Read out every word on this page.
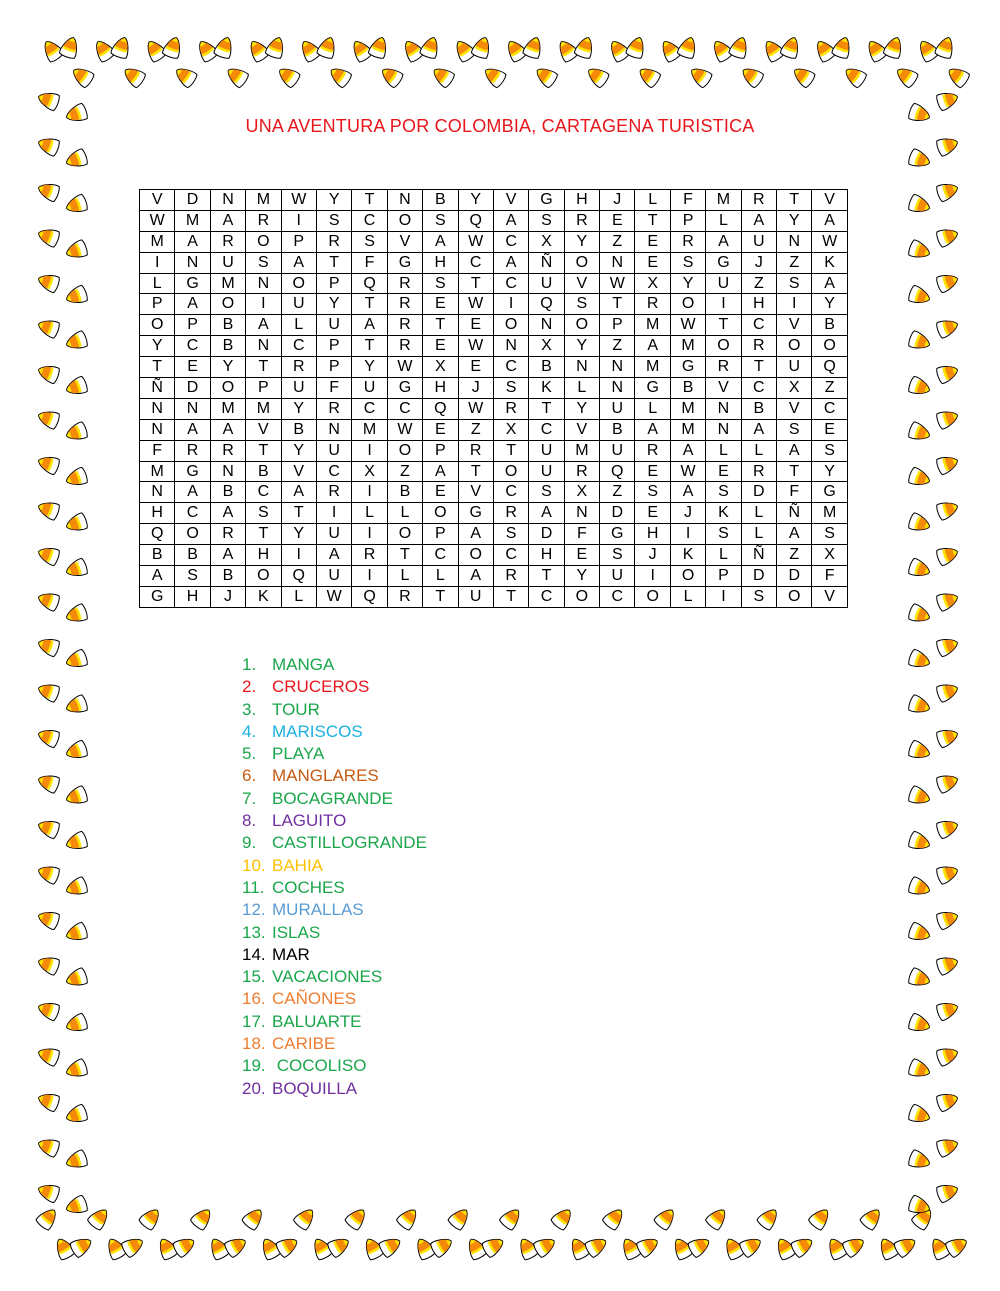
UNA AVENTURA POR COLOMBIA, CARTAGENA TURISTICA
V	D	N	M	W	Y	T	N	B	Y	V	G	H	J	L	F	M	R	T	V
W	M	A	R	I	S	C	O	S	Q	A	S	R	E	T	P	L	A	Y	A
M	A	R	O	P	R	S	V	A	W	C	X	Y	Z	E	R	A	U	N	W
I	N	U	S	A	T	F	G	H	C	A	Ñ	O	N	E	S	G	J	Z	K
L	G	M	N	O	P	Q	R	S	T	C	U	V	W	X	Y	U	Z	S	A
P	A	O	I	U	Y	T	R	E	W	I	Q	S	T	R	O	I	H	I	Y
O	P	B	A	L	U	A	R	T	E	O	N	O	P	M	W	T	C	V	B
Y	C	B	N	C	P	T	R	E	W	N	X	Y	Z	A	M	O	R	O	O
T	E	Y	T	R	P	Y	W	X	E	C	B	N	N	M	G	R	T	U	Q
Ñ	D	O	P	U	F	U	G	H	J	S	K	L	N	G	B	V	C	X	Z
N	N	M	M	Y	R	C	C	Q	W	R	T	Y	U	L	M	N	B	V	C
N	A	A	V	B	N	M	W	E	Z	X	C	V	B	A	M	N	A	S	E
F	R	R	T	Y	U	I	O	P	R	T	U	M	U	R	A	L	L	A	S
M	G	N	B	V	C	X	Z	A	T	O	U	R	Q	E	W	E	R	T	Y
N	A	B	C	A	R	I	B	E	V	C	S	X	Z	S	A	S	D	F	G
H	C	A	S	T	I	L	L	O	G	R	A	N	D	E	J	K	L	Ñ	M
Q	O	R	T	Y	U	I	O	P	A	S	D	F	G	H	I	S	L	A	S
B	B	A	H	I	A	R	T	C	O	C	H	E	S	J	K	L	Ñ	Z	X
A	S	B	O	Q	U	I	L	L	A	R	T	Y	U	I	O	P	D	D	F
G	H	J	K	L	W	Q	R	T	U	T	C	O	C	O	L	I	S	O	V
1. MANGA
2. CRUCEROS
3. TOUR
4. MARISCOS
5. PLAYA
6. MANGLARES
7. BOCAGRANDE
8. LAGUITO
9. CASTILLOGRANDE
10. BAHIA
11. COCHES
12. MURALLAS
13. ISLAS
14. MAR
15. VACACIONES
16. CAÑONES
17. BALUARTE
18. CARIBE
19. COCOLISO
20. BOQUILLA
